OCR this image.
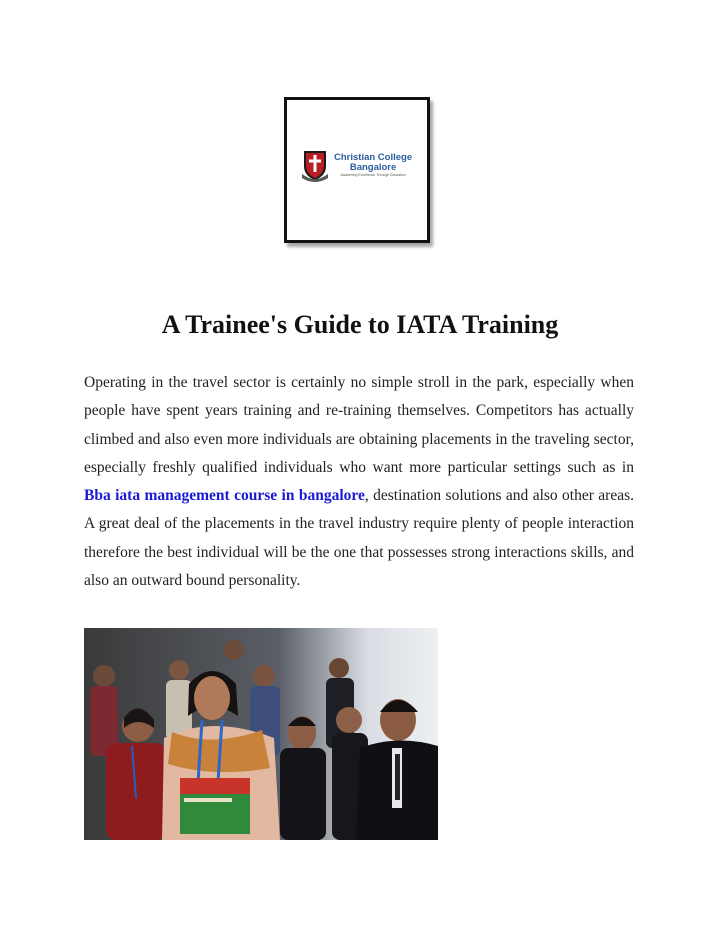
Christian College
Bangalore
Awakening Excellence Through Education
A Trainee's Guide to IATA Training
Operating in the travel sector is certainly no simple stroll in the park, especially when people have spent years training and re-training themselves. Competitors has actually climbed and also even more individuals are obtaining placements in the traveling sector, especially freshly qualified individuals who want more particular settings such as in Bba iata management course in bangalore, destination solutions and also other areas. A great deal of the placements in the travel industry require plenty of people interaction therefore the best individual will be the one that possesses strong interactions skills, and also an outward bound personality.
